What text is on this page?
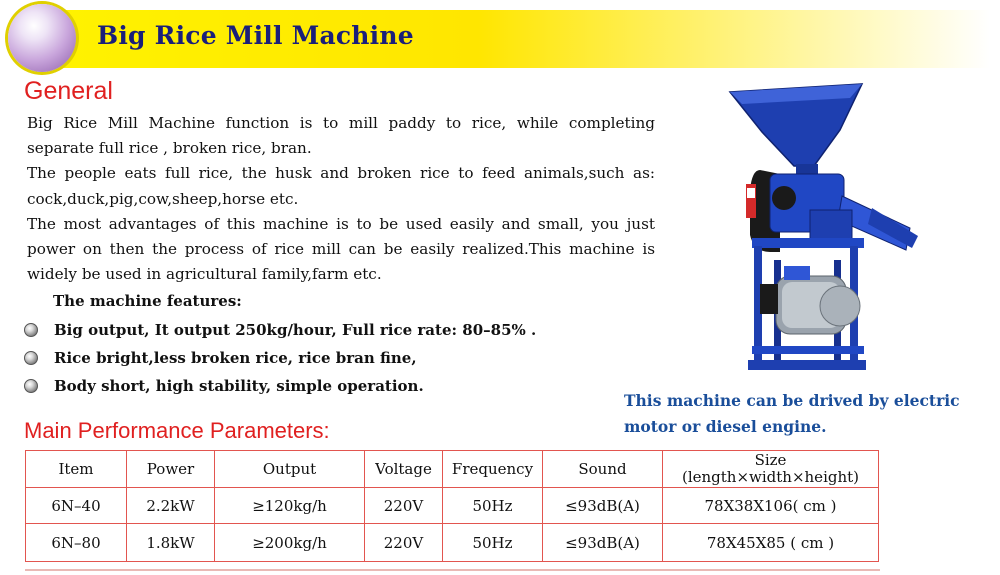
Big Rice Mill Machine
General

Big Rice Mill Machine function is to mill paddy to rice, while completing separate full rice , broken rice, bran.

The people eats full rice, the husk and broken rice to feed animals,such as: cock,duck,pig,cow,sheep,horse etc.

The most advantages of this machine is to be used easily and small, you just power on then the process of rice mill can be easily realized.This machine is widely be used in agricultural family,farm etc.

The machine features:
Big output, It output 250kg/hour, Full rice rate: 80–85% .
Rice bright,less broken rice, rice bran fine,
Body short, high stability, simple operation.
This machine can be drived by electric motor or diesel engine.
Main Performance Parameters:
Item	Power	Output	Voltage	Frequency	Sound	Size
(length×width×height)
6N–40	2.2kW	≥120kg/h	220V	50Hz	≤93dB(A)	78X38X106( cm )
6N–80	1.8kW	≥200kg/h	220V	50Hz	≤93dB(A)	78X45X85 ( cm )
